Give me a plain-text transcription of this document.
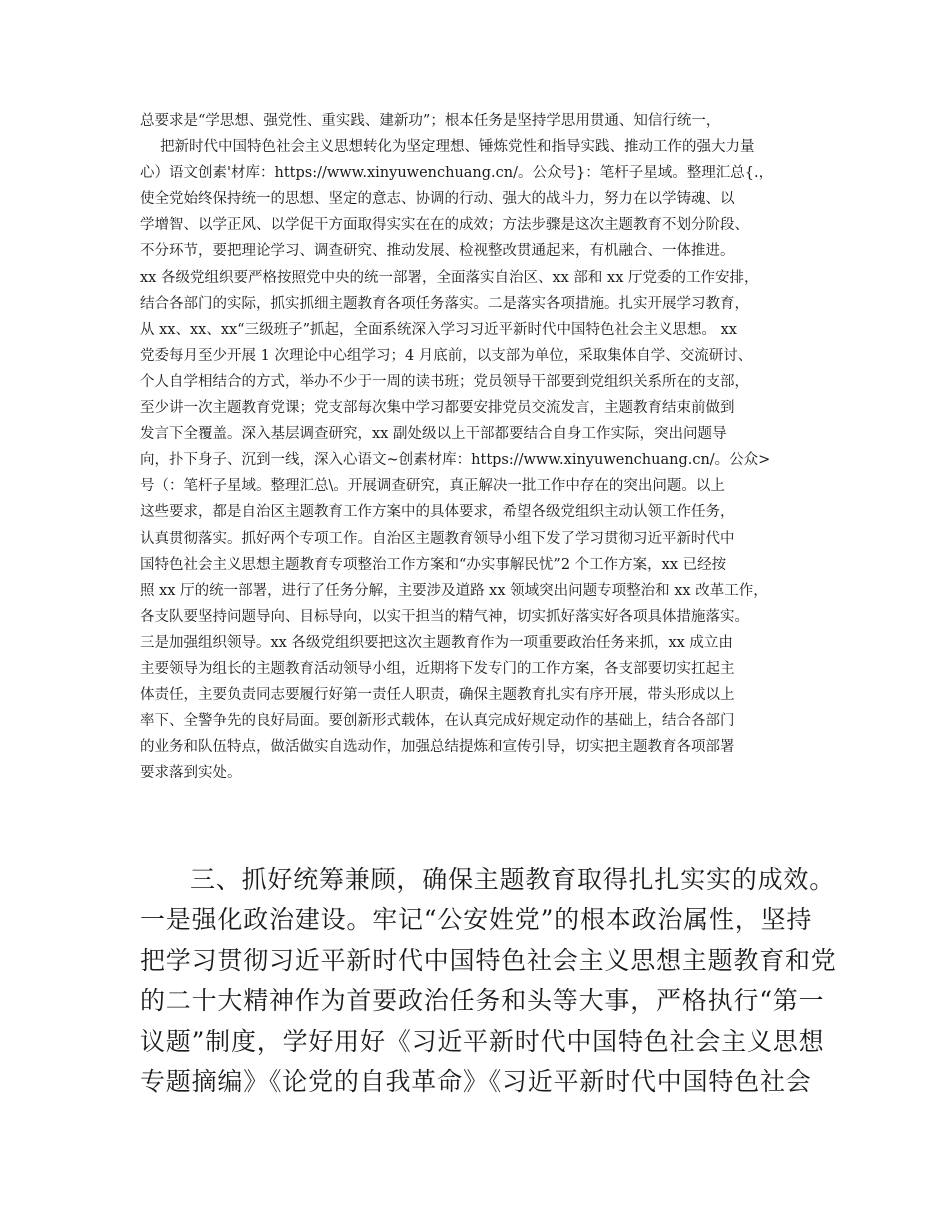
总要求是“学思想、强党性、重实践、建新功”；根本任务是坚持学思用贯通、知信行统一，
把新时代中国特色社会主义思想转化为坚定理想、锤炼党性和指导实践、推动工作的强大力量
心）语文创素'材库：https://www.xinyuwenchuang.cn/。公众号}：笔杆子星域。整理汇总{.，
使全党始终保持统一的思想、坚定的意志、协调的行动、强大的战斗力，努力在以学铸魂、以
学增智、以学正风、以学促干方面取得实实在在的成效；方法步骤是这次主题教育不划分阶段、
不分环节，要把理论学习、调查研究、推动发展、检视整改贯通起来，有机融合、一体推进。
xx 各级党组织要严格按照党中央的统一部署，全面落实自治区、xx 部和 xx 厅党委的工作安排，
结合各部门的实际，抓实抓细主题教育各项任务落实。二是落实各项措施。扎实开展学习教育，
从 xx、xx、xx“三级班子”抓起，全面系统深入学习习近平新时代中国特色社会主义思想。 xx
党委每月至少开展 1 次理论中心组学习；4 月底前，以支部为单位，采取集体自学、交流研讨、
个人自学相结合的方式，举办不少于一周的读书班；党员领导干部要到党组织关系所在的支部，
至少讲一次主题教育党课；党支部每次集中学习都要安排党员交流发言，主题教育结束前做到
发言下全覆盖。深入基层调查研究，xx 副处级以上干部都要结合自身工作实际，突出问题导
向，扑下身子、沉到一线，深入心语文~创素材库：https://www.xinyuwenchuang.cn/。公众>
号（：笔杆子星域。整理汇总\。开展调查研究，真正解决一批工作中存在的突出问题。以上
这些要求，都是自治区主题教育工作方案中的具体要求，希望各级党组织主动认领工作任务，
认真贯彻落实。抓好两个专项工作。自治区主题教育领导小组下发了学习贯彻习近平新时代中
国特色社会主义思想主题教育专项整治工作方案和“办实事解民忧”2 个工作方案，xx 已经按
照 xx 厅的统一部署，进行了任务分解，主要涉及道路 xx 领域突出问题专项整治和 xx 改革工作，
各支队要坚持问题导向、目标导向，以实干担当的精气神，切实抓好落实好各项具体措施落实。
三是加强组织领导。xx 各级党组织要把这次主题教育作为一项重要政治任务来抓，xx 成立由
主要领导为组长的主题教育活动领导小组，近期将下发专门的工作方案，各支部要切实扛起主
体责任，主要负责同志要履行好第一责任人职责，确保主题教育扎实有序开展，带头形成以上
率下、全警争先的良好局面。要创新形式载体，在认真完成好规定动作的基础上，结合各部门
的业务和队伍特点，做活做实自选动作，加强总结提炼和宣传引导，切实把主题教育各项部署
要求落到实处。
三、抓好统筹兼顾，确保主题教育取得扎扎实实的成效。
一是强化政治建设。牢记“公安姓党”的根本政治属性，坚持
把学习贯彻习近平新时代中国特色社会主义思想主题教育和党
的二十大精神作为首要政治任务和头等大事，严格执行“第一
议题”制度，学好用好《习近平新时代中国特色社会主义思想
专题摘编》《论党的自我革命》《习近平新时代中国特色社会
